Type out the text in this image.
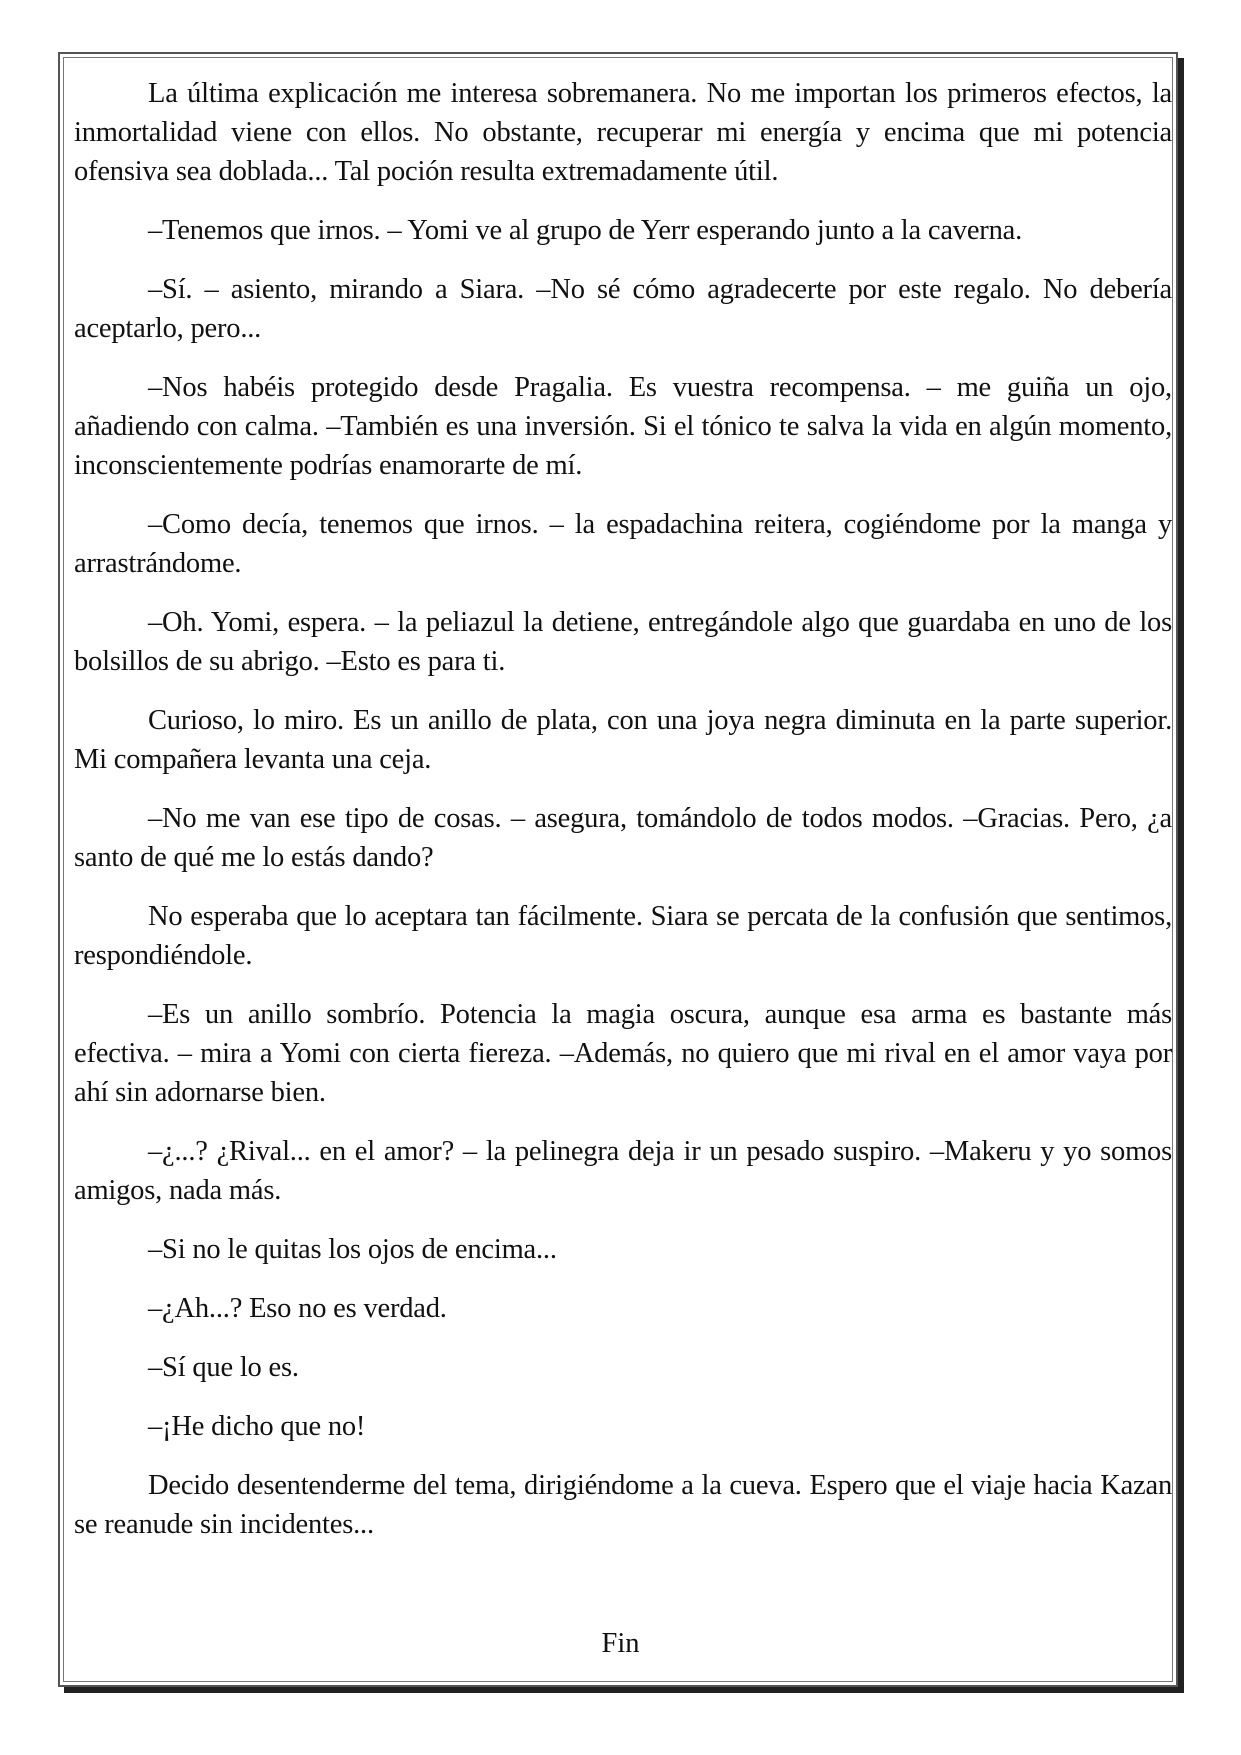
La última explicación me interesa sobremanera. No me importan los primeros efectos, la inmortalidad viene con ellos. No obstante, recuperar mi energía y encima que mi potencia ofensiva sea doblada... Tal poción resulta extremadamente útil.

–Tenemos que irnos. – Yomi ve al grupo de Yerr esperando junto a la caverna.

–Sí. – asiento, mirando a Siara. –No sé cómo agradecerte por este regalo. No debería aceptarlo, pero...

–Nos habéis protegido desde Pragalia. Es vuestra recompensa. – me guiña un ojo, añadiendo con calma. –También es una inversión. Si el tónico te salva la vida en algún momento, inconscientemente podrías enamorarte de mí.

–Como decía, tenemos que irnos. – la espadachina reitera, cogiéndome por la manga y arrastrándome.

–Oh. Yomi, espera. – la peliazul la detiene, entregándole algo que guardaba en uno de los bolsillos de su abrigo. –Esto es para ti.

Curioso, lo miro. Es un anillo de plata, con una joya negra diminuta en la parte superior. Mi compañera levanta una ceja.

–No me van ese tipo de cosas. – asegura, tomándolo de todos modos. –Gracias. Pero, ¿a santo de qué me lo estás dando?

No esperaba que lo aceptara tan fácilmente. Siara se percata de la confusión que sentimos, respondiéndole.

–Es un anillo sombrío. Potencia la magia oscura, aunque esa arma es bastante más efectiva. – mira a Yomi con cierta fiereza. –Además, no quiero que mi rival en el amor vaya por ahí sin adornarse bien.

–¿...? ¿Rival... en el amor? – la pelinegra deja ir un pesado suspiro. –Makeru y yo somos amigos, nada más.

–Si no le quitas los ojos de encima...

–¿Ah...? Eso no es verdad.

–Sí que lo es.

–¡He dicho que no!

Decido desentenderme del tema, dirigiéndome a la cueva. Espero que el viaje hacia Kazan se reanude sin incidentes...

Fin
